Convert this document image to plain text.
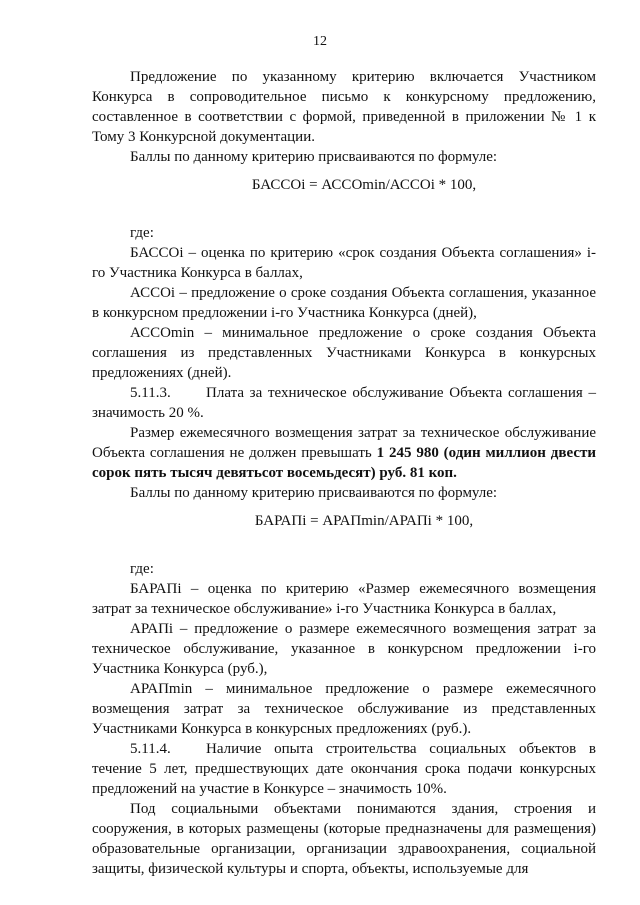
12

Предложение по указанному критерию включается Участником Конкурса в сопроводительное письмо к конкурсному предложению, составленное в соответствии с формой, приведенной в приложении № 1 к Тому 3 Конкурсной документации.

Баллы по данному критерию присваиваются по формуле:

БАССОi = АССОmin/АССОi * 100,

где:

БАССОi – оценка по критерию «срок создания Объекта соглашения» i-го Участника Конкурса в баллах,

АССОi – предложение о сроке создания Объекта соглашения, указанное в конкурсном предложении i-го Участника Конкурса (дней),

АССОmin – минимальное предложение о сроке создания Объекта соглашения из представленных Участниками Конкурса в конкурсных предложениях (дней).

5.11.3. Плата за техническое обслуживание Объекта соглашения – значимость 20 %.

Размер ежемесячного возмещения затрат за техническое обслуживание Объекта соглашения не должен превышать 1 245 980 (один миллион двести сорок пять тысяч девятьсот восемьдесят) руб. 81 коп.

Баллы по данному критерию присваиваются по формуле:

БАРАПi = АРАПmin/АРАПi * 100,

где:

БАРАПi – оценка по критерию «Размер ежемесячного возмещения затрат за техническое обслуживание» i-го Участника Конкурса в баллах,

АРАПi – предложение о размере ежемесячного возмещения затрат за техническое обслуживание, указанное в конкурсном предложении i-го Участника Конкурса (руб.),

АРАПmin – минимальное предложение о размере ежемесячного возмещения затрат за техническое обслуживание из представленных Участниками Конкурса в конкурсных предложениях (руб.).

5.11.4. Наличие опыта строительства социальных объектов в течение 5 лет, предшествующих дате окончания срока подачи конкурсных предложений на участие в Конкурсе – значимость 10%.

Под социальными объектами понимаются здания, строения и сооружения, в которых размещены (которые предназначены для размещения) образовательные организации, организации здравоохранения, социальной защиты, физической культуры и спорта, объекты, используемые для
